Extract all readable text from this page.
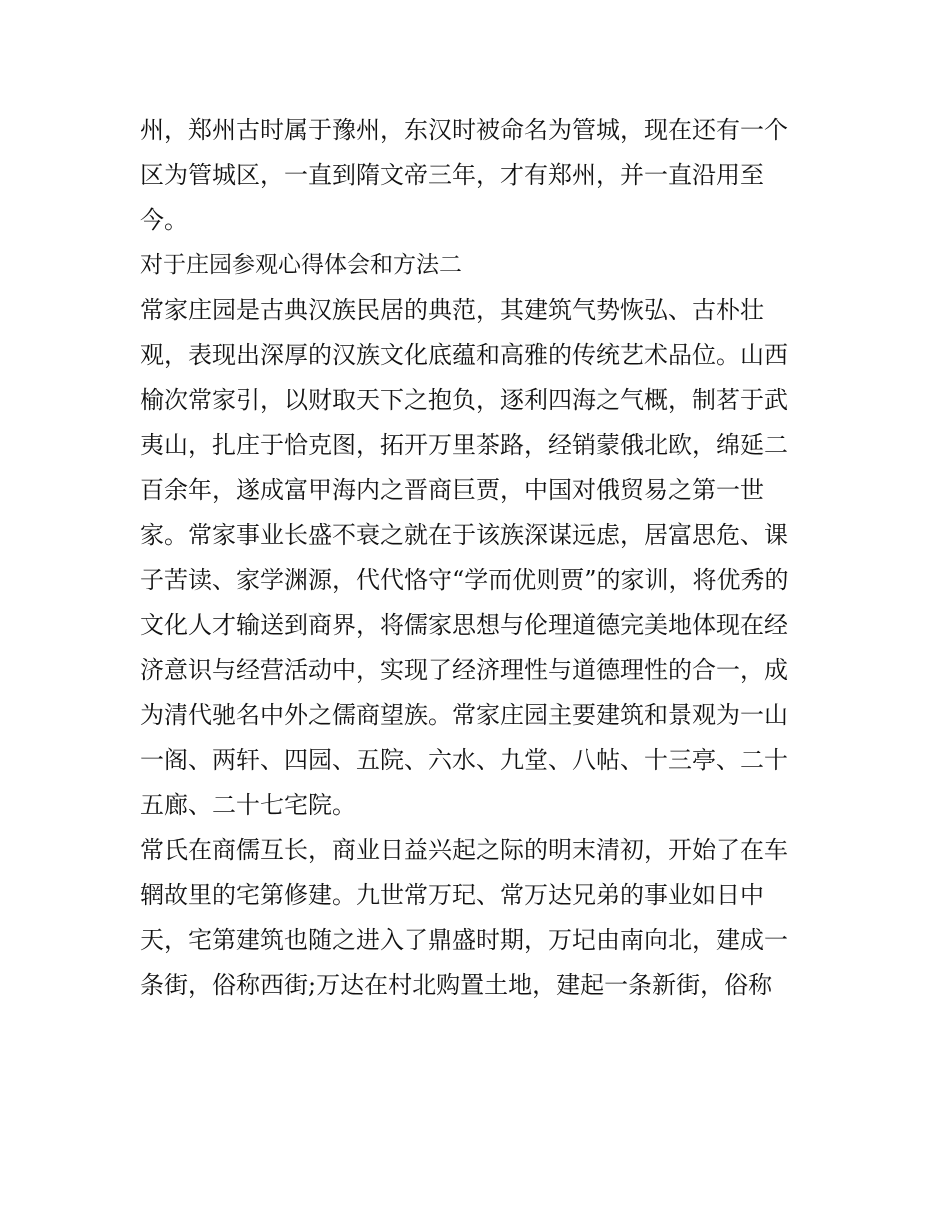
州，郑州古时属于豫州，东汉时被命名为管城，现在还有一个
区为管城区，一直到隋文帝三年，才有郑州，并一直沿用至
今。
对于庄园参观心得体会和方法二
常家庄园是古典汉族民居的典范，其建筑气势恢弘、古朴壮
观，表现出深厚的汉族文化底蕴和高雅的传统艺术品位。山西
榆次常家引，以财取天下之抱负，逐利四海之气概，制茗于武
夷山，扎庄于恰克图，拓开万里茶路，经销蒙俄北欧，绵延二
百余年，遂成富甲海内之晋商巨贾，中国对俄贸易之第一世
家。常家事业长盛不衰之就在于该族深谋远虑，居富思危、课
子苦读、家学渊源，代代恪守“学而优则贾”的家训，将优秀的
文化人才输送到商界，将儒家思想与伦理道德完美地体现在经
济意识与经营活动中，实现了经济理性与道德理性的合一，成
为清代驰名中外之儒商望族。常家庄园主要建筑和景观为一山
一阁、两轩、四园、五院、六水、九堂、八帖、十三亭、二十
五廊、二十七宅院。
常氏在商儒互长，商业日益兴起之际的明末清初，开始了在车
辋故里的宅第修建。九世常万玘、常万达兄弟的事业如日中
天，宅第建筑也随之进入了鼎盛时期，万圮由南向北，建成一
条街，俗称西街;万达在村北购置土地，建起一条新街，俗称
